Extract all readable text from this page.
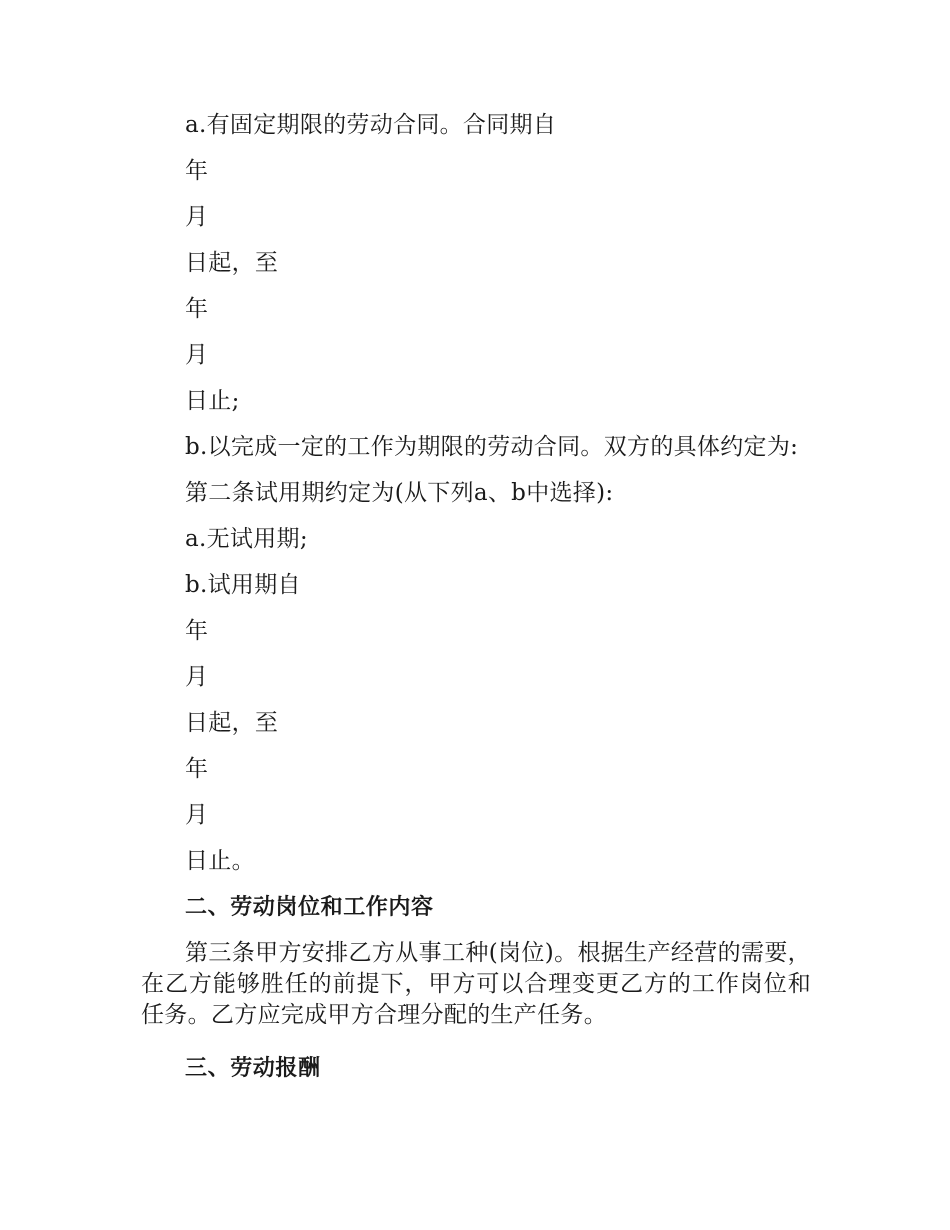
a.有固定期限的劳动合同。合同期自

年

月

日起，至

年

月

日止;

b.以完成一定的工作为期限的劳动合同。双方的具体约定为:

第二条试用期约定为(从下列a、b中选择):

a.无试用期;

b.试用期自

年

月

日起，至

年

月

日止。

二、劳动岗位和工作内容

第三条甲方安排乙方从事工种(岗位)。根据生产经营的需要，在乙方能够胜任的前提下，甲方可以合理变更乙方的工作岗位和任务。乙方应完成甲方合理分配的生产任务。

三、劳动报酬
